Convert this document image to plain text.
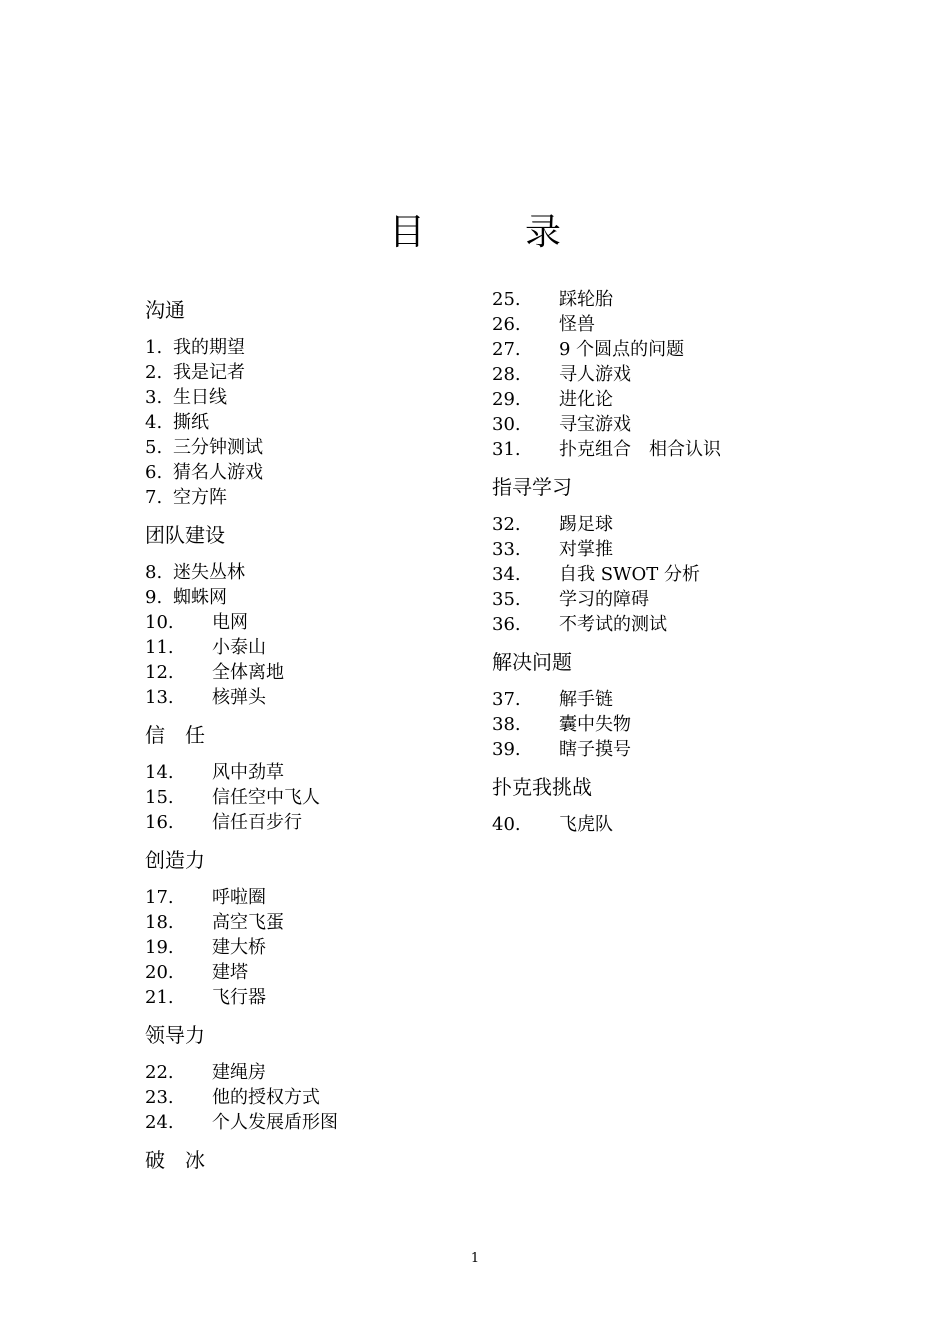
目　录
沟通
1. 我的期望
2. 我是记者
3. 生日线
4. 撕纸
5. 三分钟测试
6. 猜名人游戏
7. 空方阵
团队建设
8. 迷失丛林
9. 蜘蛛网
10. 电网
11. 小泰山
12. 全体离地
13. 核弹头
信　任
14. 风中劲草
15. 信任空中飞人
16. 信任百步行
创造力
17. 呼啦圈
18. 高空飞蛋
19. 建大桥
20. 建塔
21. 飞行器
领导力
22. 建绳房
23. 他的授权方式
24. 个人发展盾形图
破　冰
25. 踩轮胎
26. 怪兽
27. 9 个圆点的问题
28. 寻人游戏
29. 进化论
30. 寻宝游戏
31. 扑克组合　相合认识
指寻学习
32. 踢足球
33. 对掌推
34. 自我 SWOT 分析
35. 学习的障碍
36. 不考试的测试
解决问题
37. 解手链
38. 囊中失物
39. 瞎子摸号
扑克我挑战
40. 飞虎队
1
